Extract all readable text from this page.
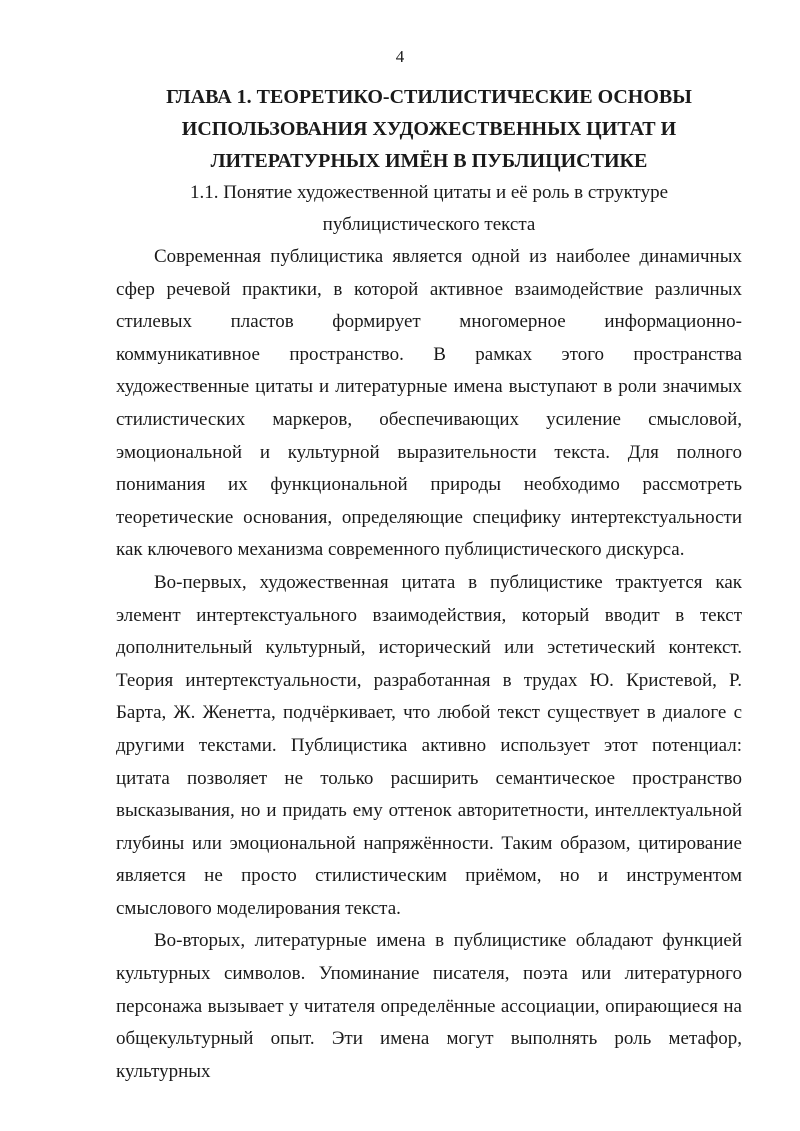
4
ГЛАВА 1. ТЕОРЕТИКО-СТИЛИСТИЧЕСКИЕ ОСНОВЫ
ИСПОЛЬЗОВАНИЯ ХУДОЖЕСТВЕННЫХ ЦИТАТ И
ЛИТЕРАТУРНЫХ ИМЁН В ПУБЛИЦИСТИКЕ
1.1. Понятие художественной цитаты и её роль в структуре
публицистического текста

Современная публицистика является одной из наиболее динамичных сфер речевой практики, в которой активное взаимодействие различных стилевых пластов формирует многомерное информационно-коммуникативное пространство. В рамках этого пространства художественные цитаты и литературные имена выступают в роли значимых стилистических маркеров, обеспечивающих усиление смысловой, эмоциональной и культурной выразительности текста. Для полного понимания их функциональной природы необходимо рассмотреть теоретические основания, определяющие специфику интертекстуальности как ключевого механизма современного публицистического дискурса.

Во-первых, художественная цитата в публицистике трактуется как элемент интертекстуального взаимодействия, который вводит в текст дополнительный культурный, исторический или эстетический контекст. Теория интертекстуальности, разработанная в трудах Ю. Кристевой, Р. Барта, Ж. Женетта, подчёркивает, что любой текст существует в диалоге с другими текстами. Публицистика активно использует этот потенциал: цитата позволяет не только расширить семантическое пространство высказывания, но и придать ему оттенок авторитетности, интеллектуальной глубины или эмоциональной напряжённости. Таким образом, цитирование является не просто стилистическим приёмом, но и инструментом смыслового моделирования текста.

Во-вторых, литературные имена в публицистике обладают функцией культурных символов. Упоминание писателя, поэта или литературного персонажа вызывает у читателя определённые ассоциации, опирающиеся на общекультурный опыт. Эти имена могут выполнять роль метафор, культурных
